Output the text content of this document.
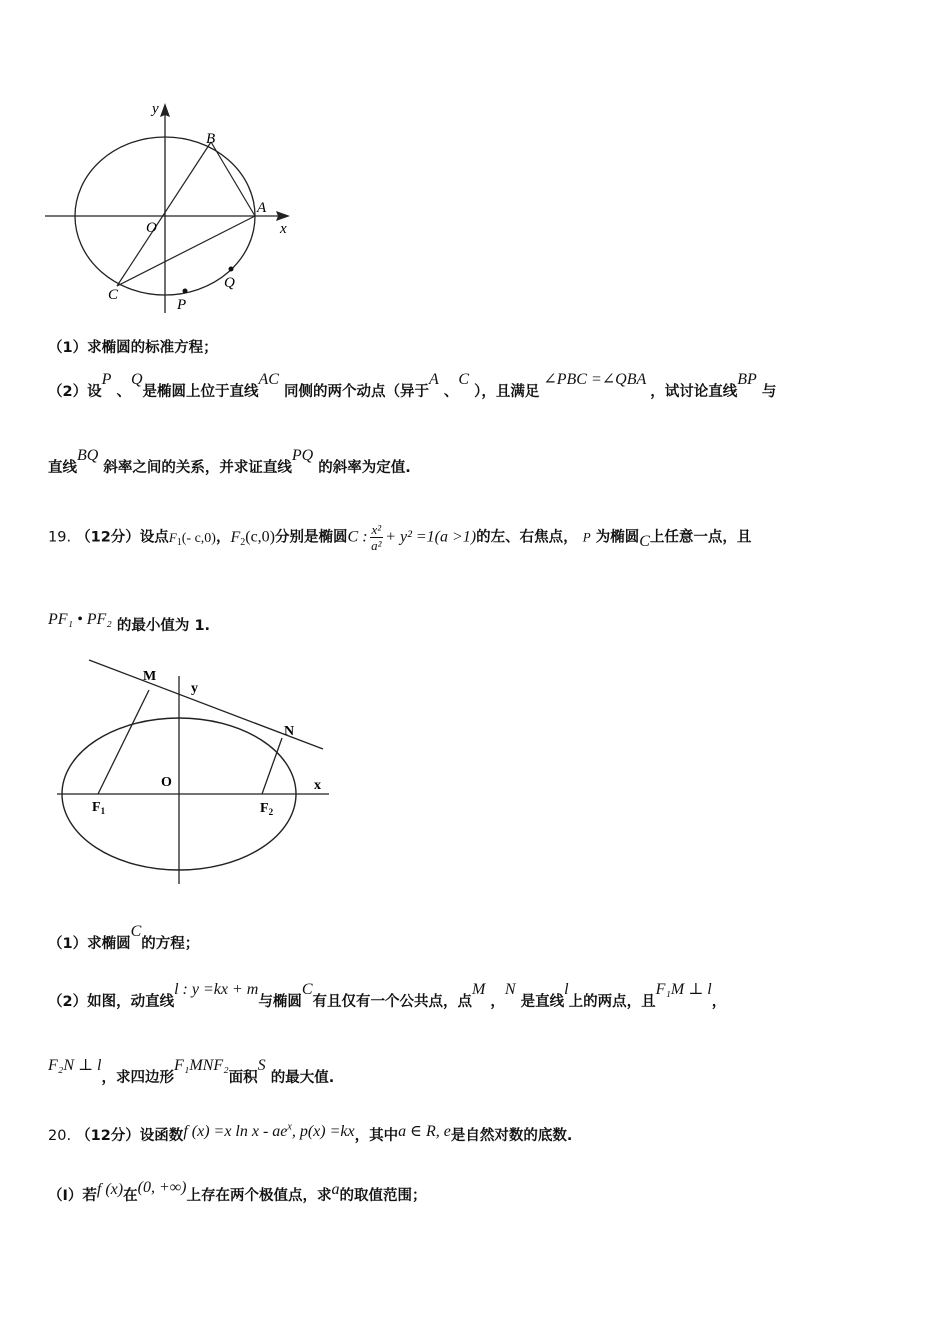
y
x
O
A
B
C
P
Q
（1）求椭圆的标准方程；
（2）设P 、Q是椭圆上位于直线AC 同侧的两个动点（异于A 、C ），且满足∠PBC =∠QBA，试讨论直线BP 与
直线BQ 斜率之间的关系，并求证直线PQ 的斜率为定值.
19. （12分）设点$F_1(-$ c,0)，$F_2(c,0)$分别是椭圆C : $\frac{\text{x²}}{\text{a²}} + y^2 =1(a >1)$的左、右焦点， P 为椭圆C上任意一点，且
PF₁ • PF₂ 的最小值为 1.
M
N
y
O	x
$F_1$	$F_2$
（1）求椭圆C的方程；
（2）如图，动直线l : y =kx + m与椭圆C有且仅有一个公共点，点M ，N 是直线l上的两点，且F₁M ⊥ l，
F₂N ⊥ l，求四边形F₁MNF₂面积S 的最大值.
20. （12分）设函数f (x) =x ln x - $ae^x$, p(x) =kx，其中a ∈ R, e是自然对数的底数.
（Ⅰ）若f (x)在(0, +∞)上存在两个极值点，求a的取值范围；
